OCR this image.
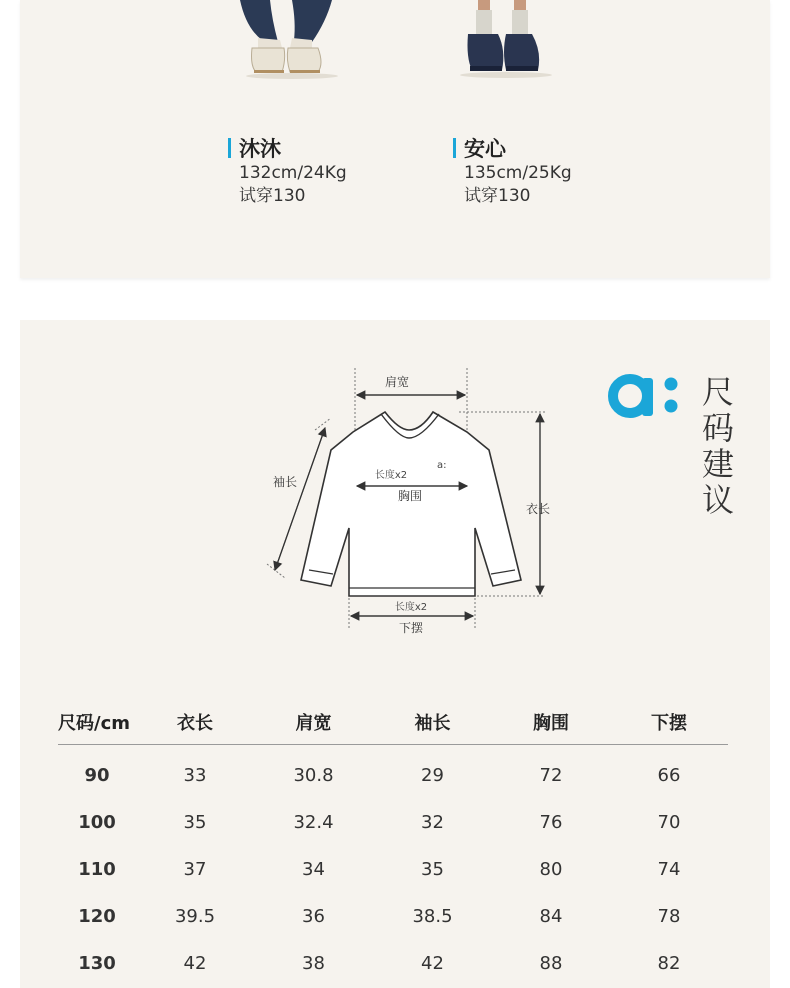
沐沐
132cm/24Kg
试穿130
安心
135cm/25Kg
试穿130
尺
码
建
议
肩宽
a:
长度x2
胸围
袖长
长度x2
下摆
衣长
尺码/cm	衣长	肩宽	袖长	胸围	下摆
90	33	30.8	29	72	66
100	35	32.4	32	76	70
110	37	34	35	80	74
120	39.5	36	38.5	84	78
130	42	38	42	88	82
